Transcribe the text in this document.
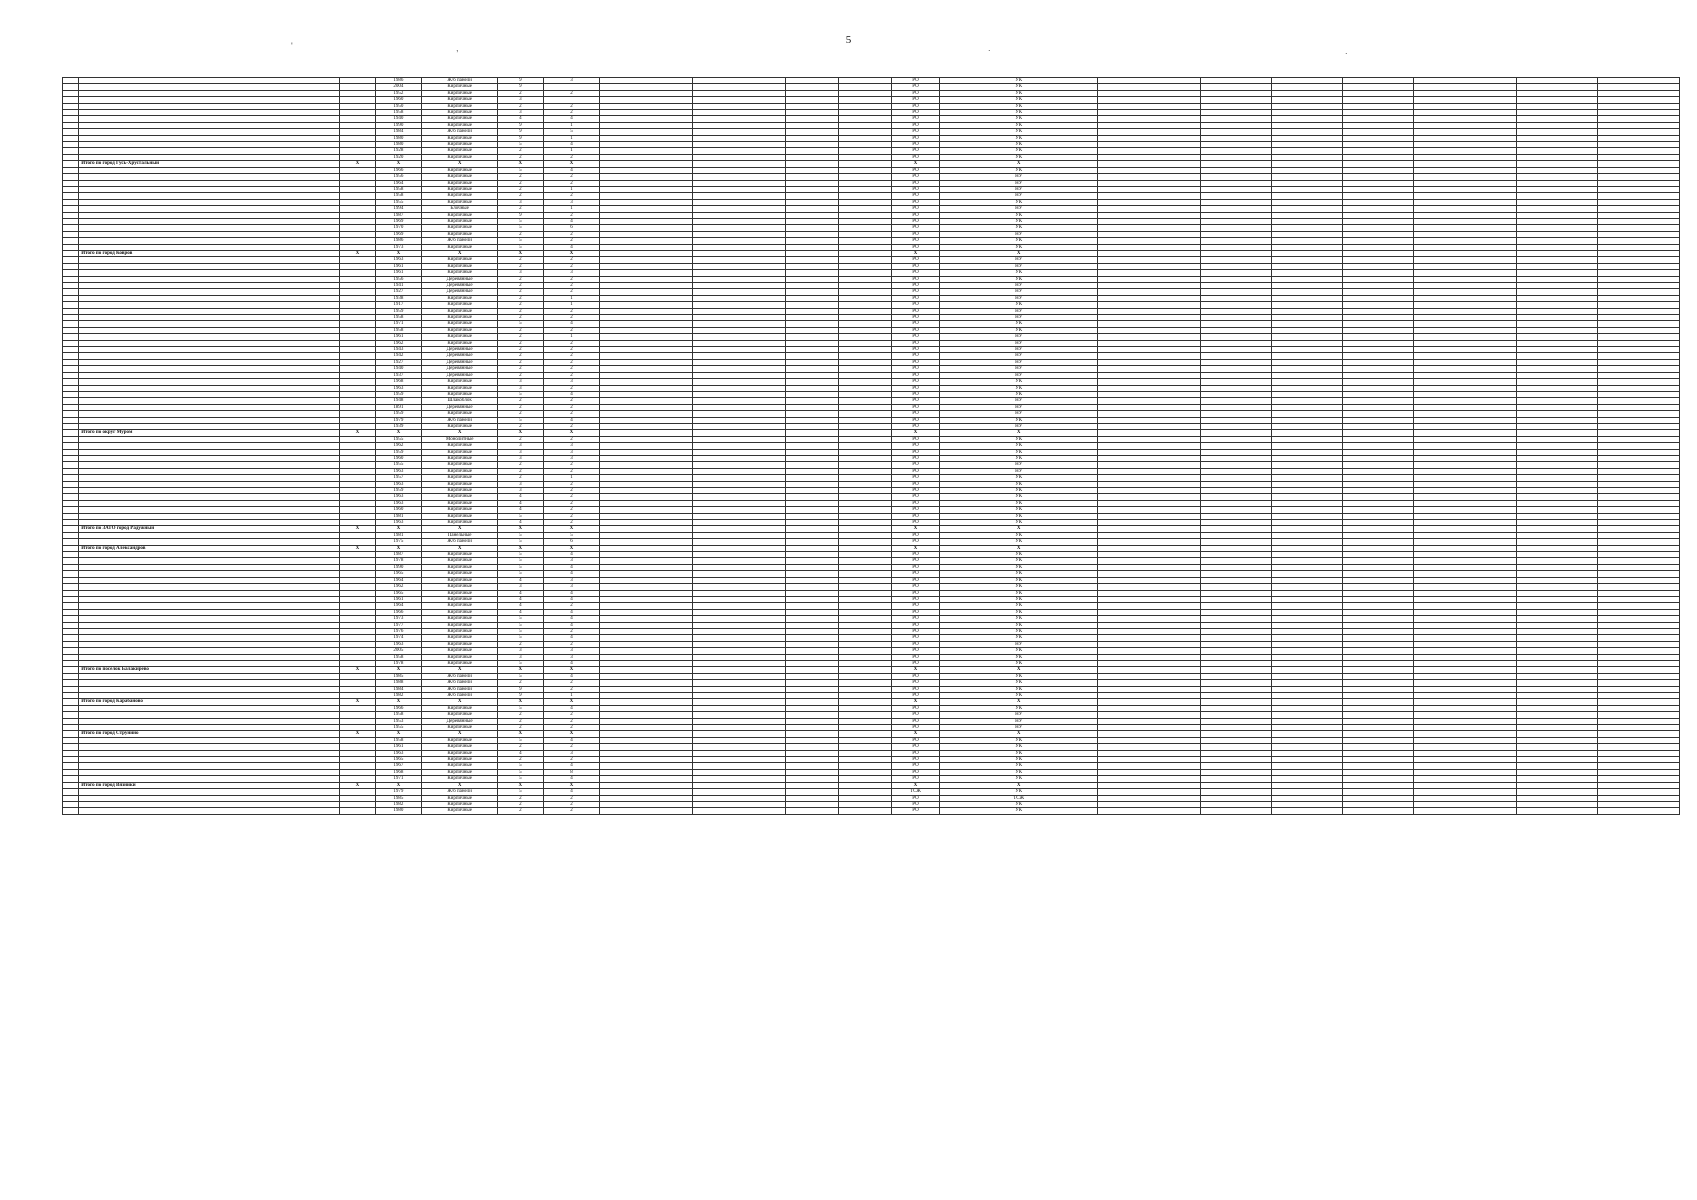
5
'	,	.	.
			1986	Ж/б панели	9	3					РО	УК							
			2004	Кирпичные	9						РО	УК							
			1952	Кирпичные	2	2					РО	УК							
			1960	Кирпичные	3						РО	УК							
			1950	Кирпичные	2	2					РО	УК							
			1958	Кирпичные	3	2					РО	УК							
			1940	Кирпичные	4	4					РО	УК							
			1990	Кирпичные	9	1					РО	УК							
			1984	Ж/б панели	9	5					РО	УК							
			1980	Кирпичные	9	1					РО	УК							
			1980	Кирпичные	5	4					РО	УК							
			1928	Кирпичные	2	1					РО	УК							
			1920	Кирпичные	2	2					РО	УК							
	Итого по город Гусь-Хрустальный	X	X	X	X	X					X	X							
			1966	Кирпичные	5	4					РО	УК							
			1956	Кирпичные	2	2					РО	НУ							
			1964	Кирпичные	2	2					РО	НУ							
			1958	Кирпичные	2	1					РО	НУ							
			1958	Кирпичные	2	2					РО	НУ							
			1955	Кирпичные	3	3					РО	УК							
			1994	Блочные	2	1					РО	НУ							
			1987	Кирпичные	9	2					РО	УК							
			1969	Кирпичные	5	4					РО	УК							
			1970	Кирпичные	5	6					РО	УК							
			1969	Кирпичные	2	2					РО	НУ							
			1986	Ж/б панели	5	2					РО	УК							
			1973	Кирпичные	5	4					РО	УК							
	Итого по город Ковров	X	X	X	X	X					X	X							
			1963	Кирпичные	2	2					РО	НУ							
			1961	Кирпичные	2	2					РО	НУ							
			1961	Кирпичные	3	3					РО	УК							
			1956	Деревянные	2	2					РО	УК							
			1941	Деревянные	2	2					РО	НУ							
			1927	Деревянные	2	2					РО	НУ							
			1938	Кирпичные	2	1					РО	НУ							
			1917	Кирпичные	2	1					РО	УК							
			1959	Кирпичные	2	2					РО	НУ							
			1958	Кирпичные	2	2					РО	НУ							
			1971	Кирпичные	5	4					РО	УК							
			1958	Кирпичные	2	2					РО	УК							
			1961	Кирпичные	2	1					РО	НУ							
			1962	Кирпичные	2	2					РО	НУ							
			1943	Деревянные	2	2					РО	НУ							
			1942	Деревянные	2	2					РО	НУ							
			1927	Деревянные	2	2					РО	НУ							
			1940	Деревянные	2	2					РО	НУ							
			1937	Деревянные	2	2					РО	НУ							
			1968	Кирпичные	3	3					РО	УК							
			1963	Кирпичные	3	2					РО	УК							
			1959	Кирпичные	5	4					РО	УК							
			1948	Шлакоблок	2	2					РО	НУ							
			1891	Деревянные	2	2					РО	НУ							
			1959	Кирпичные	2	2					РО	НУ							
			1979	Ж/б панели	5	4					РО	УК							
			1939	Кирпичные	2	2					РО	НУ							
	Итого по округ Муром	X	X	X	X	X					X	X							
			1955	Монолитные	2	2					РО	УК							
			1962	Кирпичные	3	3					РО	УК							
			1959	Кирпичные	3	3					РО	УК							
			1960	Кирпичные	3	3					РО	УК							
			1955	Кирпичные	2	2					РО	НУ							
			1963	Кирпичные	2	2					РО	НУ							
			1957	Кирпичные	2	1					РО	УК							
			1963	Кирпичные	3	2					РО	УК							
			1959	Кирпичные	3	2					РО	УК							
			1963	Кирпичные	4	2					РО	УК							
			1963	Кирпичные	4	2					РО	УК							
			1960	Кирпичные	4	2					РО	УК							
			1981	Кирпичные	5	2					РО	УК							
			1963	Кирпичные	4	2					РО	УК							
	Итого по ЗАТО город Радужный	X	X	X	X	X					X	X							
			1981	Панельные	5	5					РО	УК							
			1975	Ж/б панели	5	6					РО	УК							
	Итого по город Александров	X	X	X	X	X					X	X							
			1987	Кирпичные	5	4					РО	УК							
			1978	Кирпичные	5	3					РО	УК							
			1990	Кирпичные	5	4					РО	УК							
			1965	Кирпичные	5	4					РО	УК							
			1964	Кирпичные	4	3					РО	УК							
			1962	Кирпичные	3	3					РО	УК							
			1965	Кирпичные	4	4					РО	УК							
			1961	Кирпичные	4	4					РО	УК							
			1964	Кирпичные	4	2					РО	УК							
			1966	Кирпичные	4	4					РО	УК							
			1973	Кирпичные	5	4					РО	УК							
			1977	Кирпичные	5	4					РО	УК							
			1976	Кирпичные	5	2					РО	УК							
			1974	Кирпичные	5	4					РО	УК							
			1963	Кирпичные	2	2					РО	НУ							
			2005	Кирпичные	3	3					РО	УК							
			1958	Кирпичные	3	3					РО	УК							
			1978	Кирпичные	5	4					РО	УК							
	Итого по поселок Балакирево	X	X	X	X	X					X	X							
			1985	Ж/б панели	5	4					РО	УК							
			1988	Ж/б панели	2	2					РО	УК							
			1984	Ж/б панели	9	2					РО	УК							
			1982	Ж/б панели	9	1					РО	УК							
	Итого по город Карабаново	X	X	X	X	X					X	X							
			1966	Кирпичные	5	4					РО	УК							
			1958	Кирпичные	2	2					РО	НУ							
			1953	Деревянные	2	2					РО	НУ							
			1955	Кирпичные	2	2					РО	НУ							
	Итого по город Струнино	X	X	X	X	X					X	X							
			1958	Кирпичные	5	4					РО	УК							
			1961	Кирпичные	2	2					РО	УК							
			1963	Кирпичные	4	3					РО	УК							
			1965	Кирпичные	2	2					РО	УК							
			1967	Кирпичные	5	4					РО	УК							
			1968	Кирпичные	5	8					РО	УК							
			1971	Кирпичные	5	4					РО	УК							
	Итого по город Вязники	X	X	X	X	X					X	X							
			1979	Ж/б панели	5	4					ТСЖ	УК							
			1985	Кирпичные	2	2					РО	ТСЖ							
			1982	Кирпичные	2	2					РО	УК							
			1980	Кирпичные	2	2					РО	УК							
